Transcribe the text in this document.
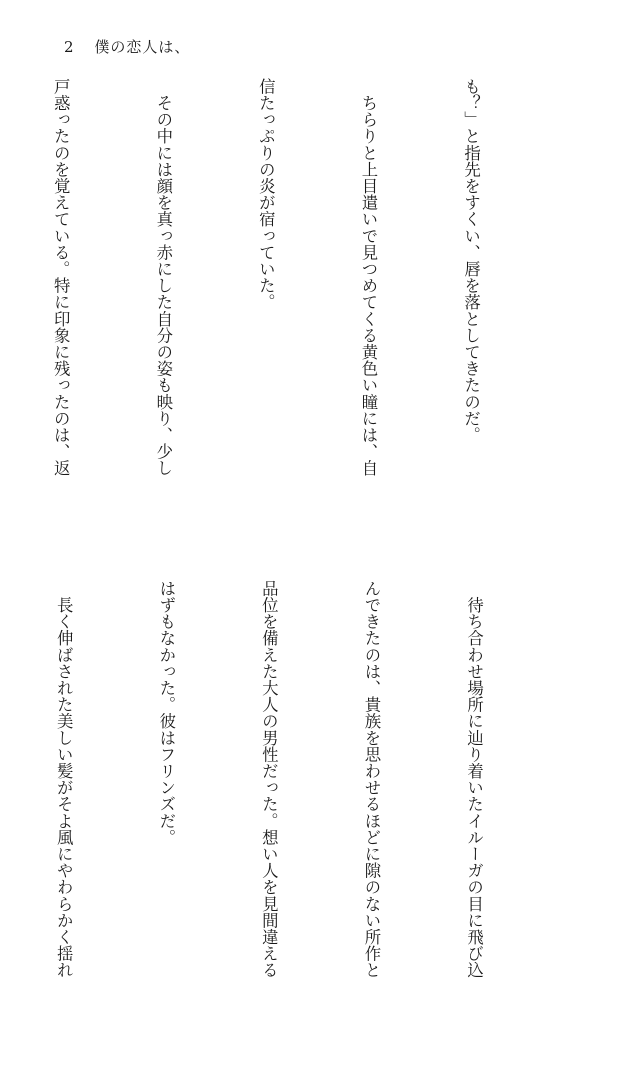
2 僕の恋人は、

も？」と指先をすくい、唇を落としてきたのだ。

　ちらりと上目遣いで見つめてくる黄色い瞳には、自

信たっぷりの炎が宿っていた。

　その中には顔を真っ赤にした自分の姿も映り、少し

戸惑ったのを覚えている。特に印象に残ったのは、返

　待ち合わせ場所に辿り着いたイルーガの目に飛び込

んできたのは、貴族を思わせるほどに隙のない所作と

品位を備えた大人の男性だった。想い人を見間違える

はずもなかった。彼はフリンズだ。

　長く伸ばされた美しい髪がそよ風にやわらかく揺れ
